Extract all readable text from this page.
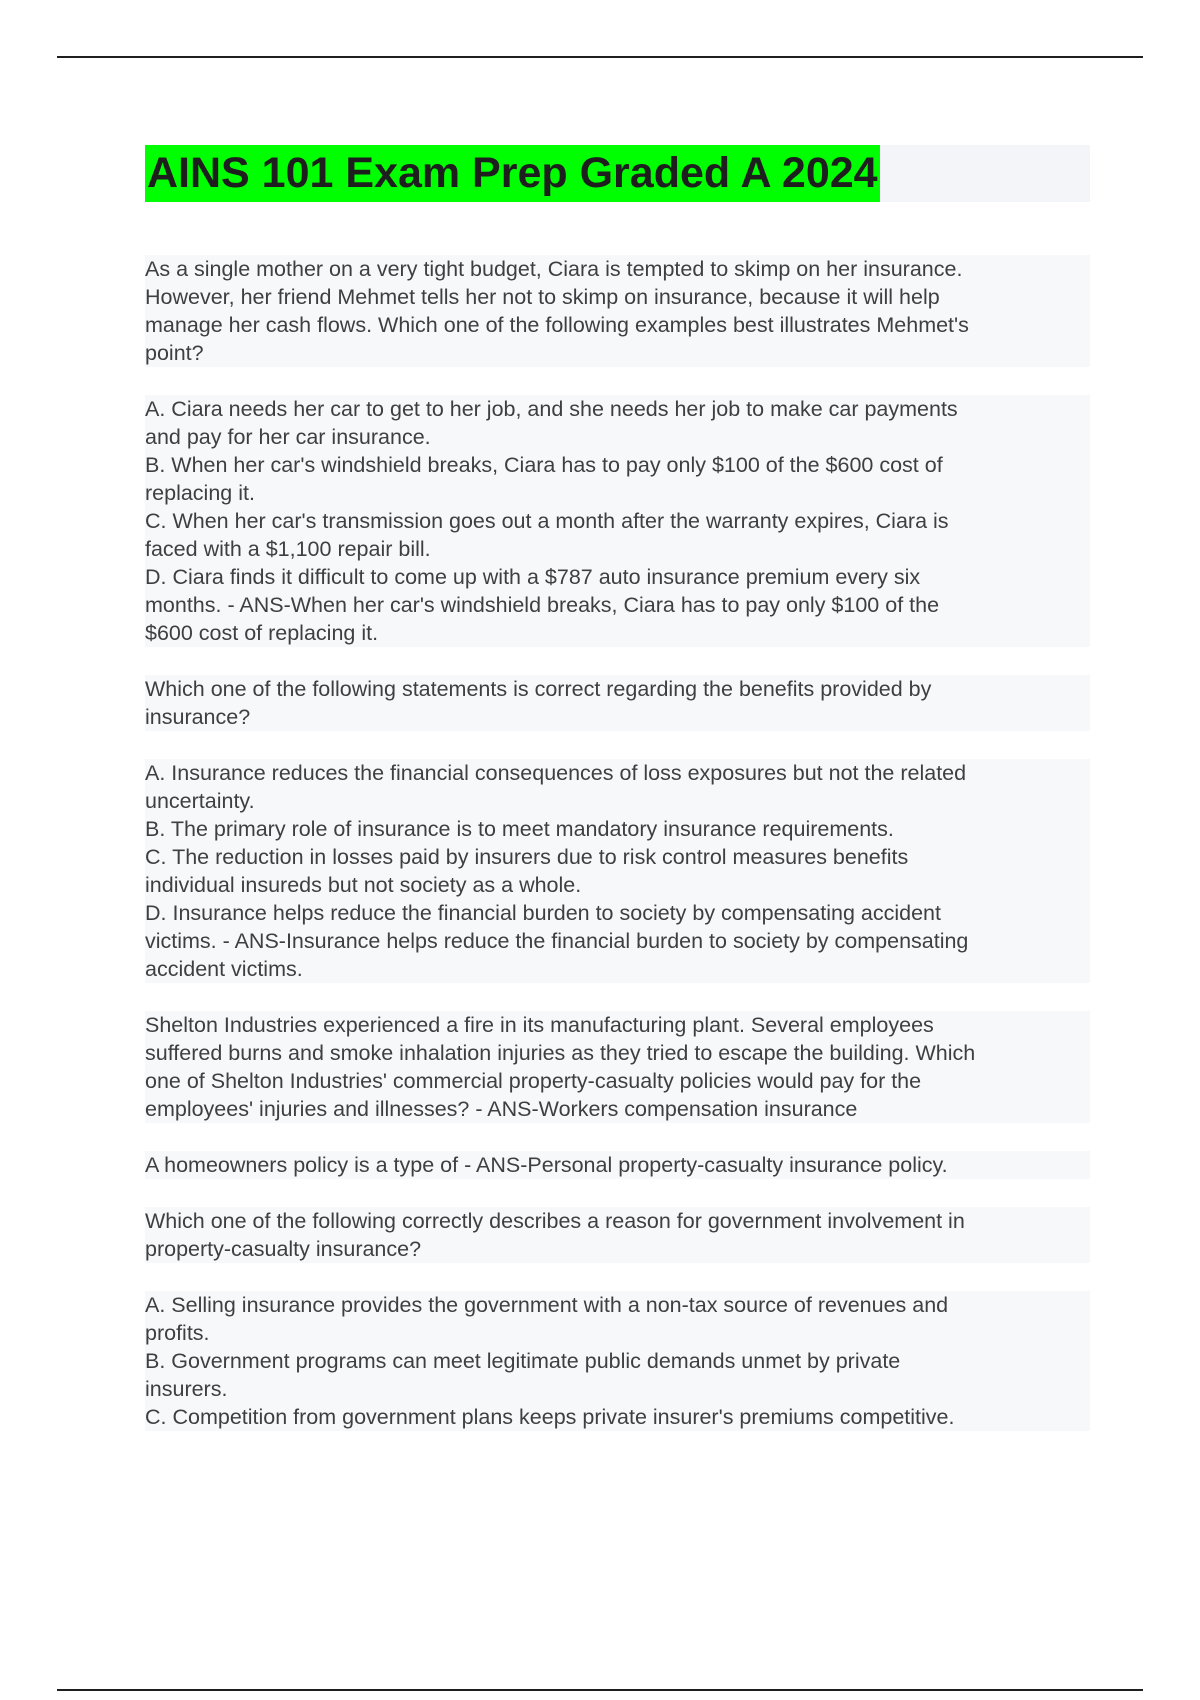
AINS 101 Exam Prep Graded A 2024
As a single mother on a very tight budget, Ciara is tempted to skimp on her insurance.
However, her friend Mehmet tells her not to skimp on insurance, because it will help
manage her cash flows. Which one of the following examples best illustrates Mehmet's
point?
A. Ciara needs her car to get to her job, and she needs her job to make car payments
and pay for her car insurance.
B. When her car's windshield breaks, Ciara has to pay only $100 of the $600 cost of
replacing it.
C. When her car's transmission goes out a month after the warranty expires, Ciara is
faced with a $1,100 repair bill.
D. Ciara finds it difficult to come up with a $787 auto insurance premium every six
months. - ANS-When her car's windshield breaks, Ciara has to pay only $100 of the
$600 cost of replacing it.
Which one of the following statements is correct regarding the benefits provided by
insurance?
A. Insurance reduces the financial consequences of loss exposures but not the related
uncertainty.
B. The primary role of insurance is to meet mandatory insurance requirements.
C. The reduction in losses paid by insurers due to risk control measures benefits
individual insureds but not society as a whole.
D. Insurance helps reduce the financial burden to society by compensating accident
victims. - ANS-Insurance helps reduce the financial burden to society by compensating
accident victims.
Shelton Industries experienced a fire in its manufacturing plant. Several employees
suffered burns and smoke inhalation injuries as they tried to escape the building. Which
one of Shelton Industries' commercial property-casualty policies would pay for the
employees' injuries and illnesses? - ANS-Workers compensation insurance
A homeowners policy is a type of - ANS-Personal property-casualty insurance policy.
Which one of the following correctly describes a reason for government involvement in
property-casualty insurance?
A. Selling insurance provides the government with a non-tax source of revenues and
profits.
B. Government programs can meet legitimate public demands unmet by private
insurers.
C. Competition from government plans keeps private insurer's premiums competitive.
